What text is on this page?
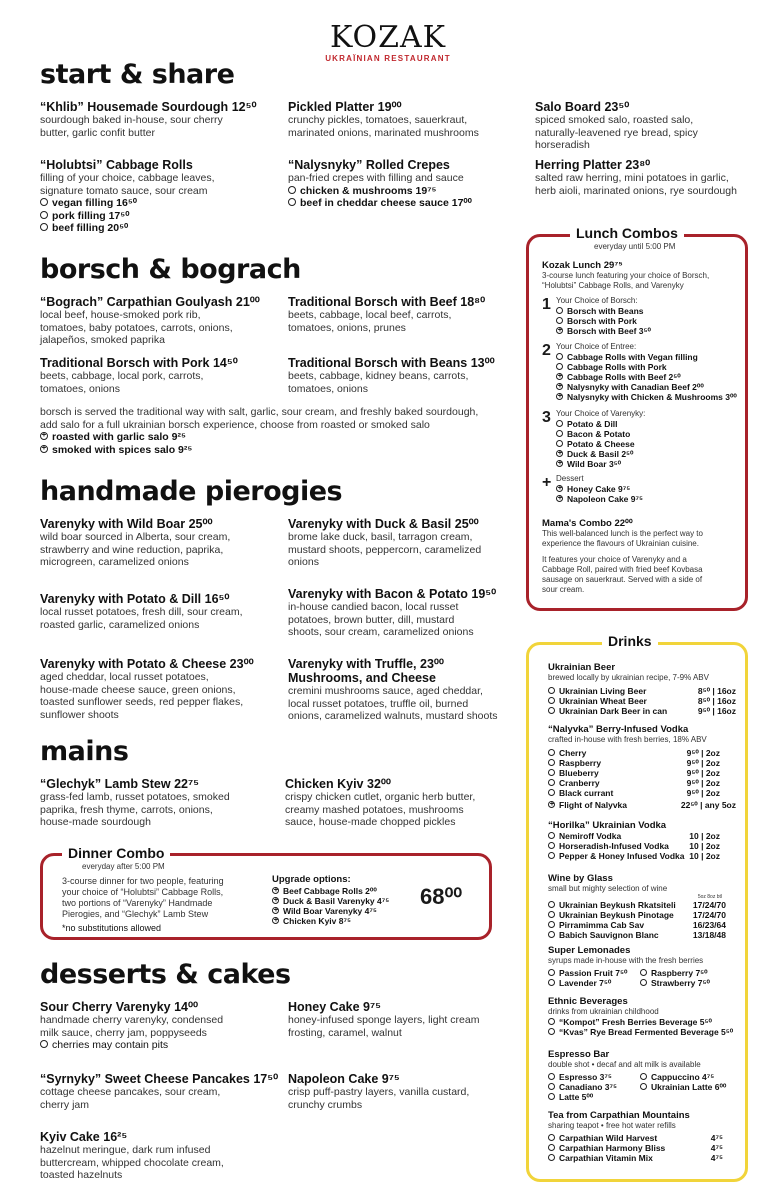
KOZAK
UKRAÏNIAN RESTAURANT
start & share
“Khlib” Housemade Sourdough 12⁵⁰
sourdough baked in-house, sour cherry
butter, garlic confit butter
Pickled Platter 19⁰⁰
crunchy pickles, tomatoes, sauerkraut,
marinated onions, marinated mushrooms
Salo Board 23⁵⁰
spiced smoked salo, roasted salo,
naturally-leavened rye bread, spicy
horseradish
“Holubtsi” Cabbage Rolls
filling of your choice, cabbage leaves,
signature tomato sauce, sour cream
vegan filling 16⁵⁰
pork filling 17⁵⁰
beef filling 20⁵⁰
“Nalysnyky” Rolled Crepes
pan-fried crepes with filling and sauce
chicken & mushrooms 19⁷⁵
beef in cheddar cheese sauce 17⁰⁰
Herring Platter 23⁸⁰
salted raw herring, mini potatoes in garlic,
herb aioli, marinated onions, rye sourdough
borsch & bograch
“Bograch” Carpathian Goulyash 21⁰⁰
local beef, house-smoked pork rib,
tomatoes, baby potatoes, carrots, onions,
jalapeños, smoked paprika
Traditional Borsch with Beef 18⁸⁰
beets, cabbage, local beef, carrots,
tomatoes, onions, prunes
Traditional Borsch with Pork 14⁵⁰
beets, cabbage, local pork, carrots,
tomatoes, onions
Traditional Borsch with Beans 13⁰⁰
beets, cabbage, kidney beans, carrots,
tomatoes, onions
borsch is served the traditional way with salt, garlic, sour cream, and freshly baked sourdough,
add salo for a full ukrainian borsch experience, choose from roasted or smoked salo
+roasted with garlic salo 9²⁵
+smoked with spices salo 9²⁵
handmade pierogies
Varenyky with Wild Boar 25⁰⁰
wild boar sourced in Alberta, sour cream,
strawberry and wine reduction, paprika,
microgreen, caramelized onions
Varenyky with Duck & Basil 25⁰⁰
brome lake duck, basil, tarragon cream,
mustard shoots, peppercorn, caramelized
onions
Varenyky with Potato & Dill 16⁵⁰
local russet potatoes, fresh dill, sour cream,
roasted garlic, caramelized onions
Varenyky with Bacon & Potato 19⁵⁰
in-house candied bacon, local russet
potatoes, brown butter, dill, mustard
shoots, sour cream, caramelized onions
Varenyky with Potato & Cheese 23⁰⁰
aged cheddar, local russet potatoes,
house-made cheese sauce, green onions,
toasted sunflower seeds, red pepper flakes,
sunflower shoots
Varenyky with Truffle, 23⁰⁰
Mushrooms, and Cheese
cremini mushrooms sauce, aged cheddar,
local russet potatoes, truffle oil, burned
onions, caramelized walnuts, mustard shoots
mains
“Glechyk” Lamb Stew 22⁷⁵
grass-fed lamb, russet potatoes, smoked
paprika, fresh thyme, carrots, onions,
house-made sourdough
Chicken Kyiv 32⁰⁰
crispy chicken cutlet, organic herb butter,
creamy mashed potatoes, mushrooms
sauce, house-made chopped pickles
Dinner Combo
everyday after 5:00 PM
3-course dinner for two people, featuring
your choice of “Holubtsi” Cabbage Rolls,
two portions of “Varenyky” Handmade
Pierogies, and “Glechyk” Lamb Stew
*no substitutions allowed
Upgrade options:
+Beef Cabbage Rolls 2⁰⁰
+Duck & Basil Varenyky 4⁷⁵
+Wild Boar Varenyky 4⁷⁵
+Chicken Kyiv 8⁷⁵
68⁰⁰
desserts & cakes
Sour Cherry Varenyky 14⁰⁰
handmade cherry varenyky, condensed
milk sauce, cherry jam, poppyseeds
cherries may contain pits
Honey Cake 9⁷⁵
honey-infused sponge layers, light cream
frosting, caramel, walnut
“Syrnyky” Sweet Cheese Pancakes 17⁵⁰
cottage cheese pancakes, sour cream,
cherry jam
Napoleon Cake 9⁷⁵
crisp puff-pastry layers, vanilla custard,
crunchy crumbs
Kyiv Cake 16²⁵
hazelnut meringue, dark rum infused
buttercream, whipped chocolate cream,
toasted hazelnuts
Lunch Combos
everyday until 5:00 PM
Kozak Lunch 29⁷⁵
3-course lunch featuring your choice of Borsch,
“Holubtsi” Cabbage Rolls, and Varenyky
1 Your Choice of Borsch:
Borsch with Beans
Borsch with Pork
+Borsch with Beef 3⁵⁰
2 Your Choice of Entree:
Cabbage Rolls with Vegan filling
Cabbage Rolls with Pork
+Cabbage Rolls with Beef 2⁵⁰
+Nalysnyky with Canadian Beef 2⁰⁰
+Nalysnyky with Chicken & Mushrooms 3⁰⁰
3 Your Choice of Varenyky:
Potato & Dill
Bacon & Potato
Potato & Cheese
+Duck & Basil 2⁵⁰
+Wild Boar 3⁵⁰
+ Dessert
+Honey Cake 9⁷⁵
+Napoleon Cake 9⁷⁵
Mama's Combo 22⁰⁰
This well-balanced lunch is the perfect way to
experience the flavours of Ukrainian cuisine.
It features your choice of Varenyky and a
Cabbage Roll, paired with fried beef Kovbasa
sausage on sauerkraut. Served with a side of
sour cream.
Drinks
Ukrainian Beer
brewed locally by ukrainian recipe, 7-9% ABV
Ukrainian Living Beer	8⁵⁰ | 16oz
Ukrainian Wheat Beer	8⁵⁰ | 16oz
Ukrainian Dark Beer in can	9⁵⁰ | 16oz
“Nalyvka” Berry-Infused Vodka
crafted in-house with fresh berries, 18% ABV
Cherry	9⁵⁰ | 2oz
Raspberry	9⁵⁰ | 2oz
Blueberry	9⁵⁰ | 2oz
Cranberry	9⁵⁰ | 2oz
Black currant	9⁵⁰ | 2oz
+Flight of Nalyvka	22⁵⁰ | any 5oz
“Horilka” Ukrainian Vodka
Nemiroff Vodka	10 | 2oz
Horseradish-Infused Vodka 10 | 2oz
Pepper & Honey Infused Vodka 10 | 2oz
Wine by Glass
small but mighty selection of wine
5oz 8oz btl
Ukrainian Beykush Rkatsiteli 17/24/70
Ukrainian Beykush Pinotage 17/24/70
Pirramimma Cab Sav	16/23/64
Babich Sauvignon Blanc	13/18/48
Super Lemonades
syrups made in-house with the fresh berries
Passion Fruit 7⁵⁰	Raspberry 7⁵⁰
Lavender 7⁵⁰	Strawberry 7⁵⁰
Ethnic Beverages
drinks from ukrainian childhood
“Kompot” Fresh Berries Beverage 5⁵⁰
“Kvas” Rye Bread Fermented Beverage 5⁵⁰
Espresso Bar
double shot • decaf and alt milk is available
Espresso 3⁷⁵	Cappuccino 4⁷⁵
Canadiano 3⁷⁵	Ukrainian Latte 6⁰⁰
Latte 5⁰⁰
Tea from Carpathian Mountains
sharing teapot • free hot water refills
Carpathian Wild Harvest	4⁷⁵
Carpathian Harmony Bliss	4⁷⁵
Carpathian Vitamin Mix	4⁷⁵
